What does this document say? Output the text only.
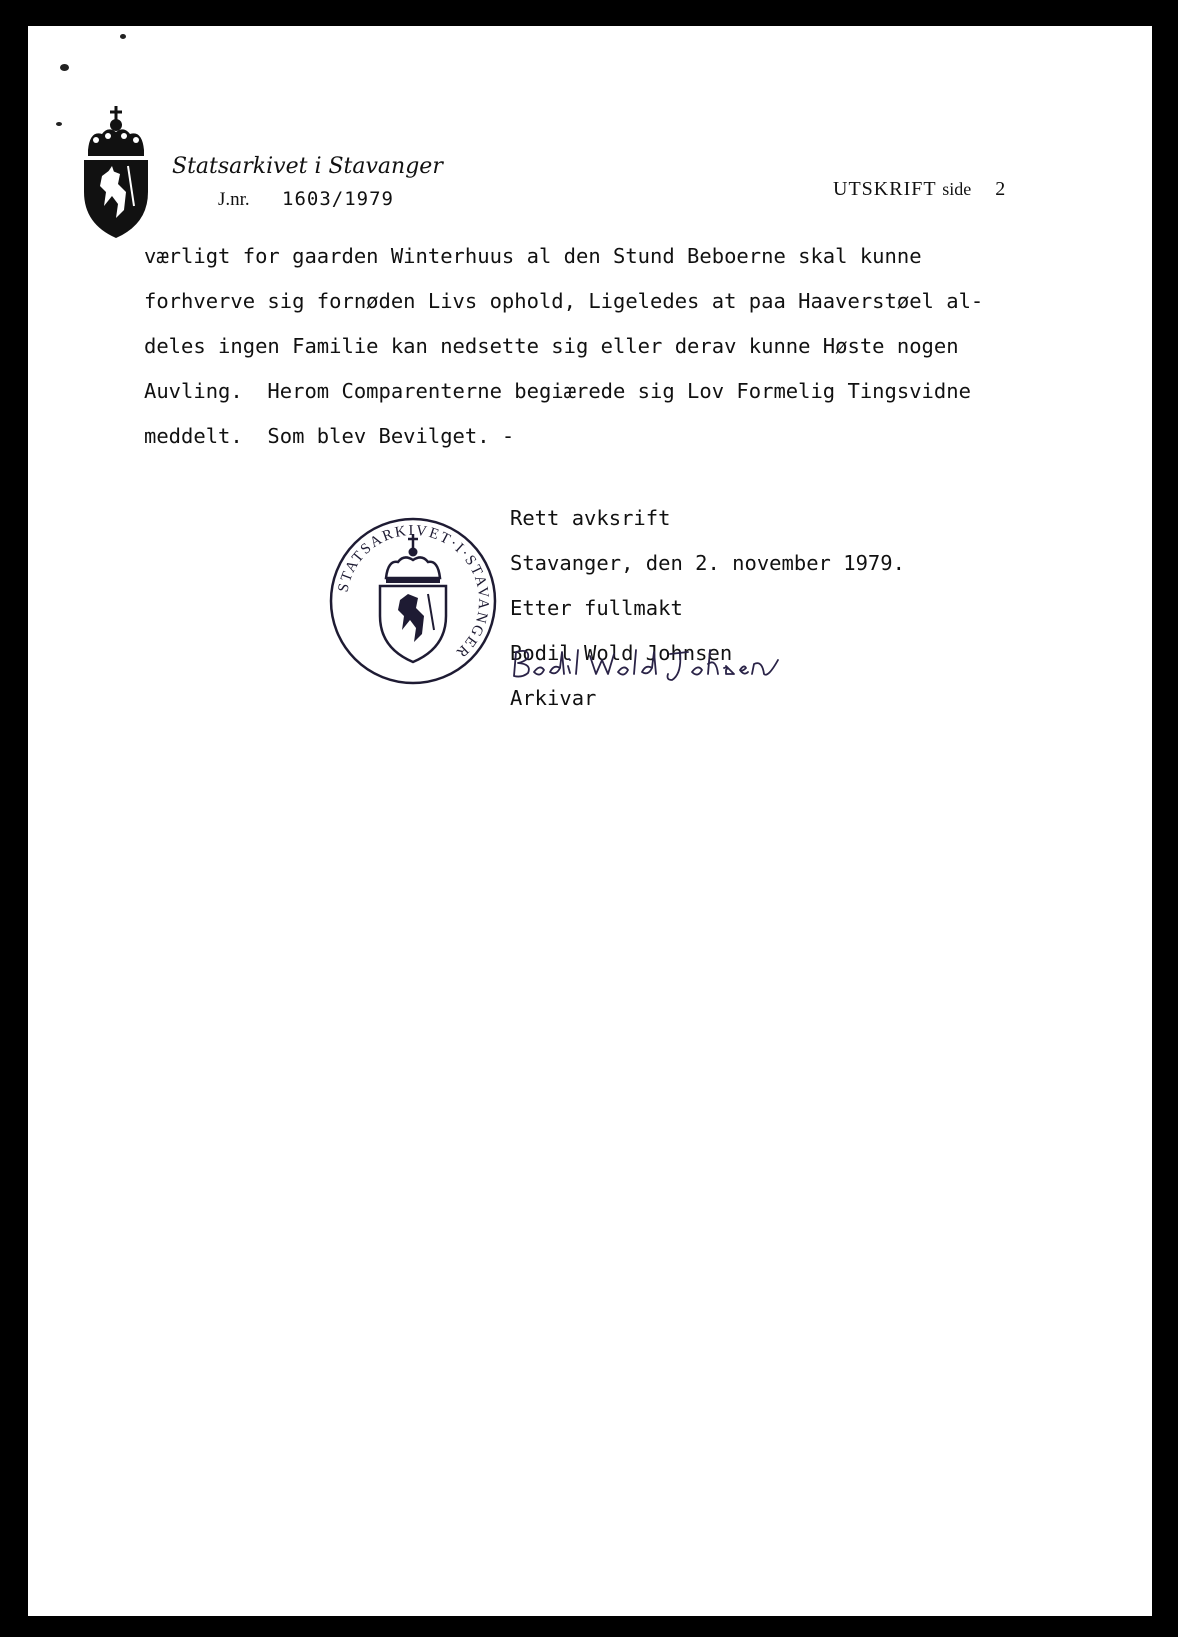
Statsarkivet i Stavanger
J.nr. 1603/1979	UTSKRIFT side 2
værligt for gaarden Winterhuus al den Stund Beboerne skal kunne
forhverve sig fornøden Livs ophold, Ligeledes at paa Haaverstøel al-
deles ingen Familie kan nedsette sig eller derav kunne Høste nogen
Auvling.  Herom Comparenterne begiærede sig Lov Formelig Tingsvidne
meddelt.  Som blev Bevilget. -
STATSARKIVET·I·STAVANGER
Rett avksrift
Stavanger, den 2. november 1979.
Etter fullmakt
Bodil Wold Johnsen
Arkivar
